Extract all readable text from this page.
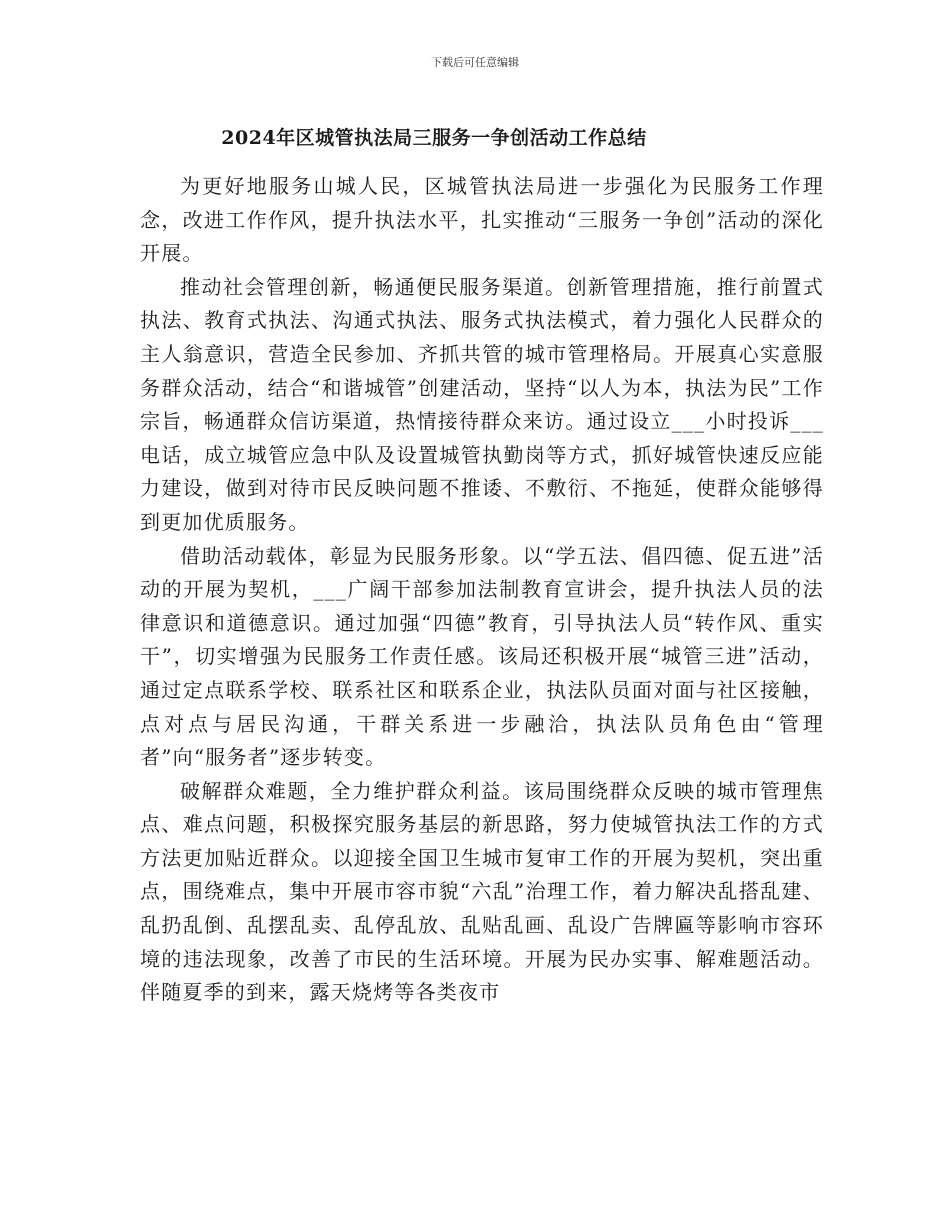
下载后可任意编辑
2024年区城管执法局三服务一争创活动工作总结

为更好地服务山城人民，区城管执法局进一步强化为民服务工作理念，改进工作作风，提升执法水平，扎实推动“三服务一争创”活动的深化开展。

推动社会管理创新，畅通便民服务渠道。创新管理措施，推行前置式执法、教育式执法、沟通式执法、服务式执法模式，着力强化人民群众的主人翁意识，营造全民参加、齐抓共管的城市管理格局。开展真心实意服务群众活动，结合“和谐城管”创建活动，坚持“以人为本，执法为民”工作宗旨，畅通群众信访渠道，热情接待群众来访。通过设立___小时投诉___电话，成立城管应急中队及设置城管执勤岗等方式，抓好城管快速反应能力建设，做到对待市民反映问题不推诿、不敷衍、不拖延，使群众能够得到更加优质服务。

借助活动载体，彰显为民服务形象。以“学五法、倡四德、促五进”活动的开展为契机，___广阔干部参加法制教育宣讲会，提升执法人员的法律意识和道德意识。通过加强“四德”教育，引导执法人员“转作风、重实干”，切实增强为民服务工作责任感。该局还积极开展“城管三进”活动，通过定点联系学校、联系社区和联系企业，执法队员面对面与社区接触，点对点与居民沟通，干群关系进一步融洽，执法队员角色由“管理者”向“服务者”逐步转变。

破解群众难题，全力维护群众利益。该局围绕群众反映的城市管理焦点、难点问题，积极探究服务基层的新思路，努力使城管执法工作的方式方法更加贴近群众。以迎接全国卫生城市复审工作的开展为契机，突出重点，围绕难点，集中开展市容市貌“六乱”治理工作，着力解决乱搭乱建、乱扔乱倒、乱摆乱卖、乱停乱放、乱贴乱画、乱设广告牌匾等影响市容环境的违法现象，改善了市民的生活环境。开展为民办实事、解难题活动。伴随夏季的到来，露天烧烤等各类夜市
